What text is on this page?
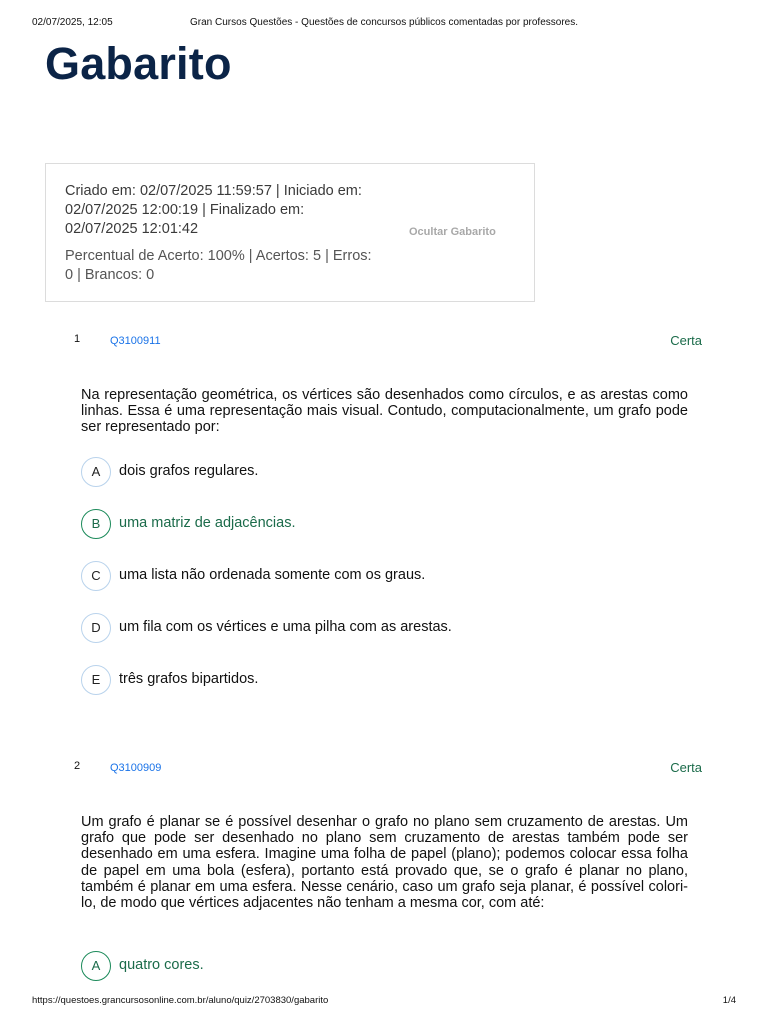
02/07/2025, 12:05	Gran Cursos Questões - Questões de concursos públicos comentadas por professores.
Gabarito
Criado em: 02/07/2025 11:59:57 | Iniciado em:
02/07/2025 12:00:19 | Finalizado em:
02/07/2025 12:01:42
Percentual de Acerto: 100% | Acertos: 5 | Erros:
0 | Brancos: 0
Ocultar Gabarito
1	Q3100911	Certa
Na representação geométrica, os vértices são desenhados como círculos, e as arestas como linhas. Essa é uma representação mais visual. Contudo, computacionalmente, um grafo pode ser representado por:
A	dois grafos regulares.
B	uma matriz de adjacências.
C	uma lista não ordenada somente com os graus.
D	um fila com os vértices e uma pilha com as arestas.
E	três grafos bipartidos.
2	Q3100909	Certa
Um grafo é planar se é possível desenhar o grafo no plano sem cruzamento de arestas. Um grafo que pode ser desenhado no plano sem cruzamento de arestas também pode ser desenhado em uma esfera. Imagine uma folha de papel (plano); podemos colocar essa folha de papel em uma bola (esfera), portanto está provado que, se o grafo é planar no plano, também é planar em uma esfera. Nesse cenário, caso um grafo seja planar, é possível colori-lo, de modo que vértices adjacentes não tenham a mesma cor, com até:
A	quatro cores.
https://questoes.grancursosonline.com.br/aluno/quiz/2703830/gabarito	1/4
